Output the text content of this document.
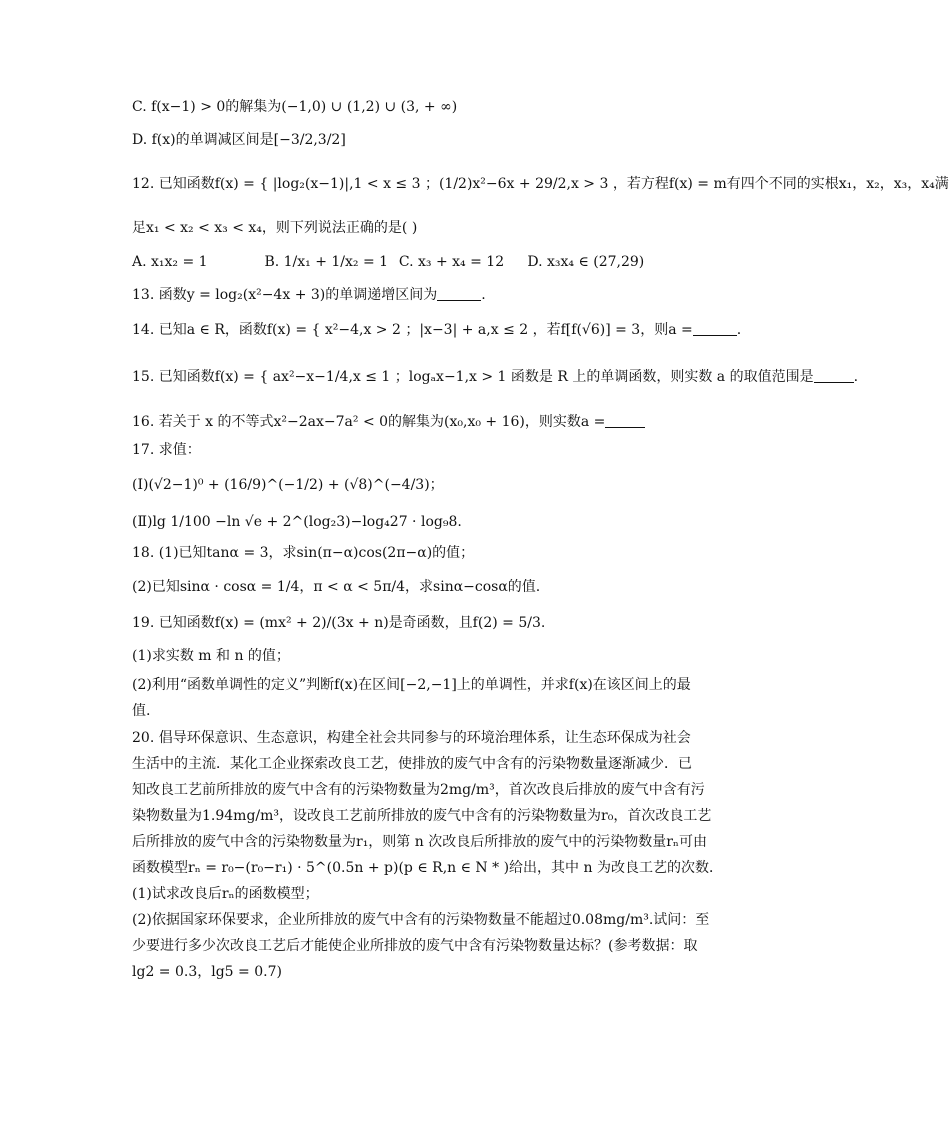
C. f(x−1) > 0的解集为(−1,0) ∪ (1,2) ∪ (3, + ∞)
D. f(x)的单调减区间是[−3/2,3/2]
12. 已知函数f(x) = { |log₂(x−1)|,1 < x ≤ 3 ；(1/2)x²−6x + 29/2,x > 3 ，若方程f(x) = m有四个不同的实根x₁，x₂，x₃，x₄满
足x₁ < x₂ < x₃ < x₄，则下列说法正确的是( )
A. x₁x₂ = 1	B. 1/x₁ + 1/x₂ = 1 C. x₃ + x₄ = 12 D. x₃x₄ ∈ (27,29)
13. 函数y = log₂(x²−4x + 3)的单调递增区间为	.
14. 已知a ∈ R，函数f(x) = { x²−4,x > 2 ；|x−3| + a,x ≤ 2 ，若f[f(√6)] = 3，则a =	.
15. 已知函数f(x) = { ax²−x−1/4,x ≤ 1 ；logₐx−1,x > 1 函数是 R 上的单调函数，则实数 a 的取值范围是	.
16. 若关于 x 的不等式x²−2ax−7a² < 0的解集为(x₀,x₀ + 16)，则实数a =
17. 求值：
(Ⅰ)(√2−1)⁰ + (16/9)^(−1/2) + (√8)^(−4/3)；
(Ⅱ)lg 1/100 −ln √e + 2^(log₂3)−log₄27 · log₉8.
18. (1)已知tanα = 3，求sin(π−α)cos(2π−α)的值；
(2)已知sinα · cosα = 1/4，π < α < 5π/4，求sinα−cosα的值.
19. 已知函数f(x) = (mx² + 2)/(3x + n)是奇函数，且f(2) = 5/3.
(1)求实数 m 和 n 的值；
(2)利用“函数单调性的定义”判断f(x)在区间[−2,−1]上的单调性，并求f(x)在该区间上的最
值.
20. 倡导环保意识、生态意识，构建全社会共同参与的环境治理体系，让生态环保成为社会
生活中的主流．某化工企业探索改良工艺，使排放的废气中含有的污染物数量逐渐减少．已
知改良工艺前所排放的废气中含有的污染物数量为2mg/m³，首次改良后排放的废气中含有污
染物数量为1.94mg/m³，设改良工艺前所排放的废气中含有的污染物数量为r₀，首次改良工艺
后所排放的废气中含的污染物数量为r₁，则第 n 次改良后所排放的废气中的污染物数量rₙ可由
函数模型rₙ = r₀−(r₀−r₁) · 5^(0.5n + p)(p ∈ R,n ∈ N * )给出，其中 n 为改良工艺的次数．
(1)试求改良后rₙ的函数模型；
(2)依据国家环保要求，企业所排放的废气中含有的污染物数量不能超过0.08mg/m³.试问：至
少要进行多少次改良工艺后才能使企业所排放的废气中含有污染物数量达标？(参考数据：取
lg2 = 0.3，lg5 = 0.7)
